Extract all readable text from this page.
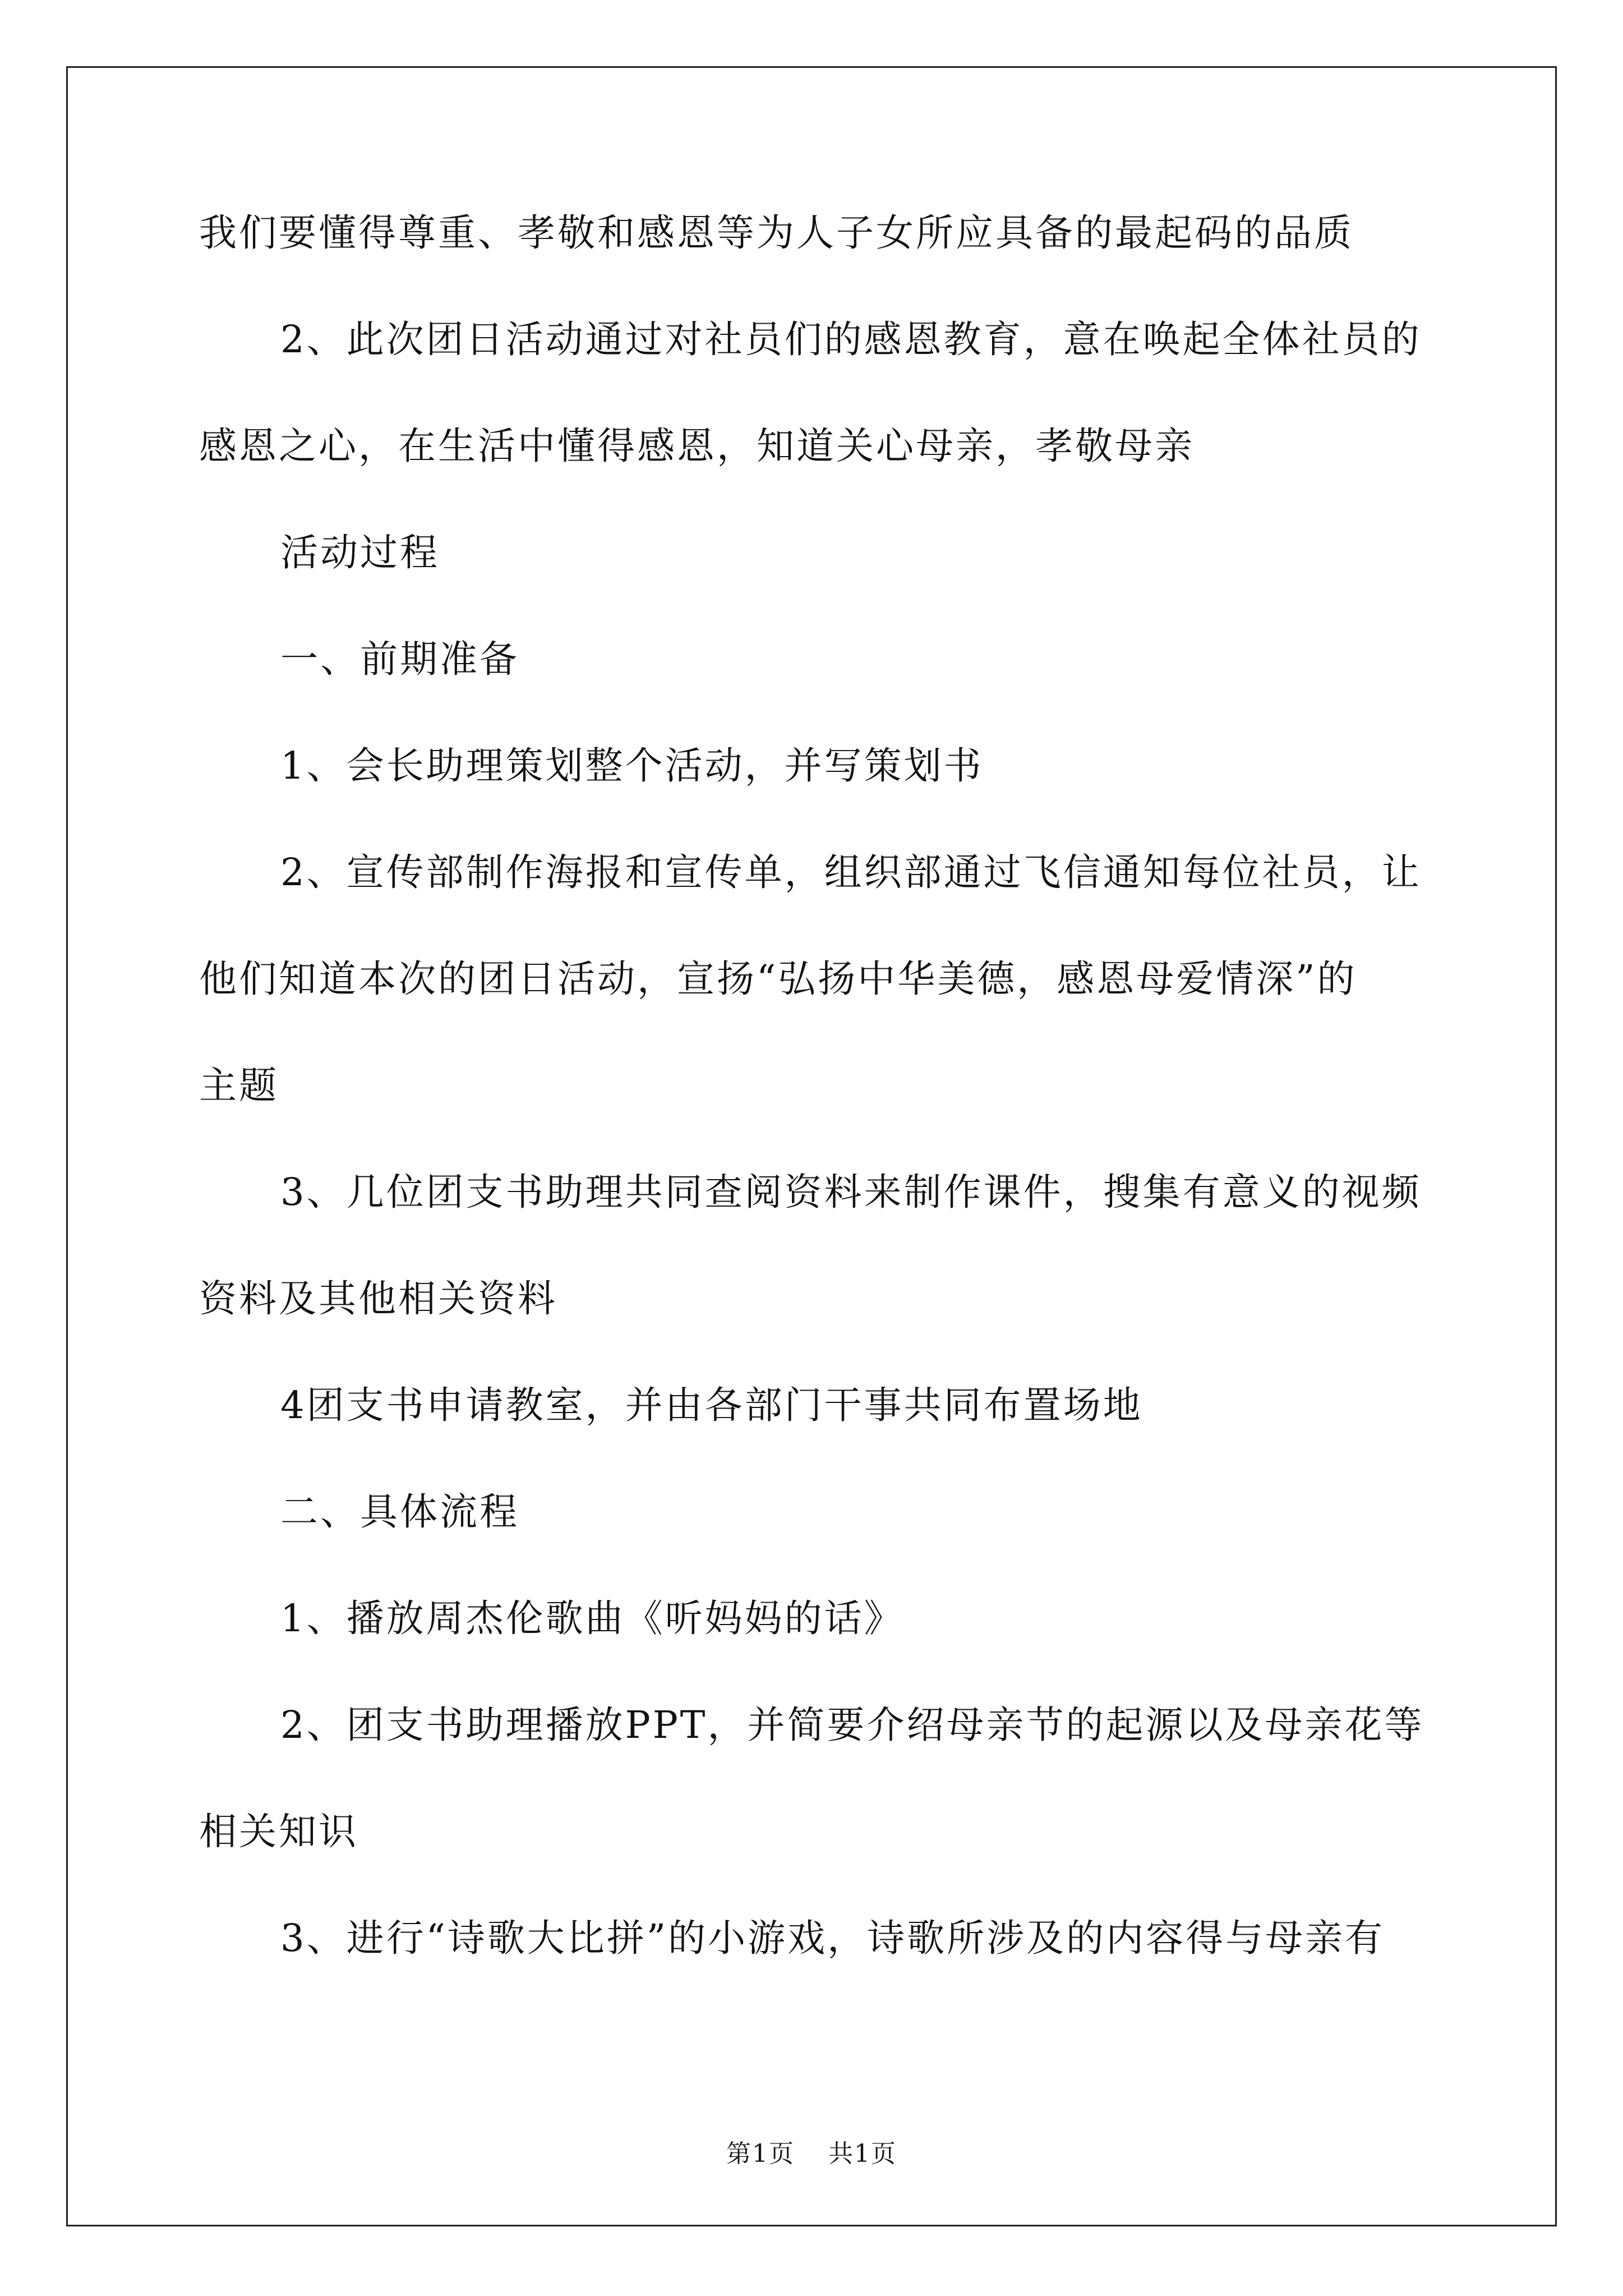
我们要懂得尊重、孝敬和感恩等为人子女所应具备的最起码的品质
2、此次团日活动通过对社员们的感恩教育，意在唤起全体社员的
感恩之心，在生活中懂得感恩，知道关心母亲，孝敬母亲
活动过程
一、前期准备
1、会长助理策划整个活动，并写策划书
2、宣传部制作海报和宣传单，组织部通过飞信通知每位社员，让
他们知道本次的团日活动，宣扬“弘扬中华美德，感恩母爱情深”的
主题
3、几位团支书助理共同查阅资料来制作课件，搜集有意义的视频
资料及其他相关资料
4团支书申请教室，并由各部门干事共同布置场地
二、具体流程
1、播放周杰伦歌曲《听妈妈的话》
2、团支书助理播放PPT，并简要介绍母亲节的起源以及母亲花等
相关知识
3、进行“诗歌大比拼”的小游戏，诗歌所涉及的内容得与母亲有
第1页 共1页
